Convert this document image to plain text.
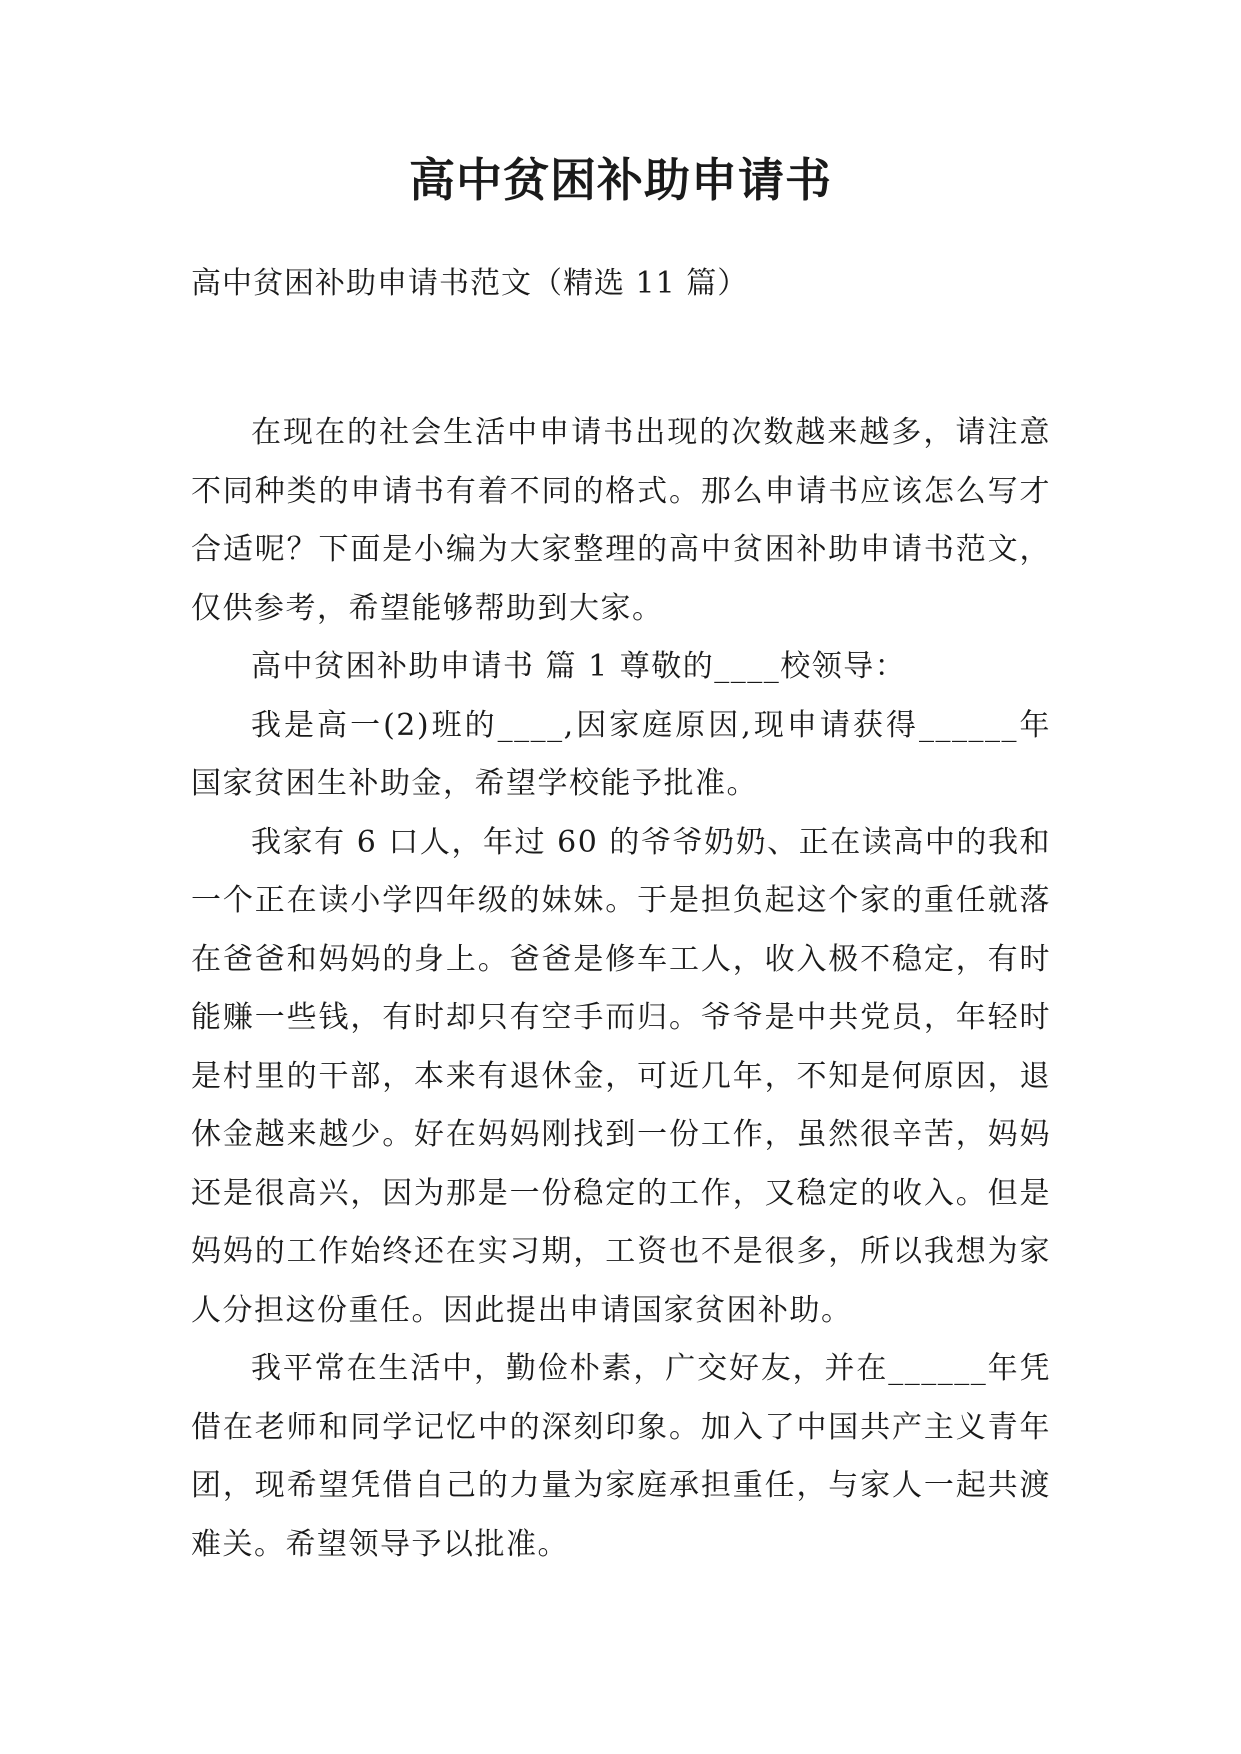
高中贫困补助申请书
高中贫困补助申请书范文（精选 11 篇）

在现在的社会生活中申请书出现的次数越来越多，请注意不同种类的申请书有着不同的格式。那么申请书应该怎么写才合适呢？下面是小编为大家整理的高中贫困补助申请书范文，仅供参考，希望能够帮助到大家。

高中贫困补助申请书 篇 1 尊敬的____校领导：

我是高一(2)班的____,因家庭原因,现申请获得______年国家贫困生补助金，希望学校能予批准。

我家有 6 口人，年过 60 的爷爷奶奶、正在读高中的我和一个正在读小学四年级的妹妹。于是担负起这个家的重任就落在爸爸和妈妈的身上。爸爸是修车工人，收入极不稳定，有时能赚一些钱，有时却只有空手而归。爷爷是中共党员，年轻时是村里的干部，本来有退休金，可近几年，不知是何原因，退休金越来越少。好在妈妈刚找到一份工作，虽然很辛苦，妈妈还是很高兴，因为那是一份稳定的工作，又稳定的收入。但是妈妈的工作始终还在实习期，工资也不是很多，所以我想为家人分担这份重任。因此提出申请国家贫困补助。

我平常在生活中，勤俭朴素，广交好友，并在______年凭借在老师和同学记忆中的深刻印象。加入了中国共产主义青年团，现希望凭借自己的力量为家庭承担重任，与家人一起共渡难关。希望领导予以批准。
